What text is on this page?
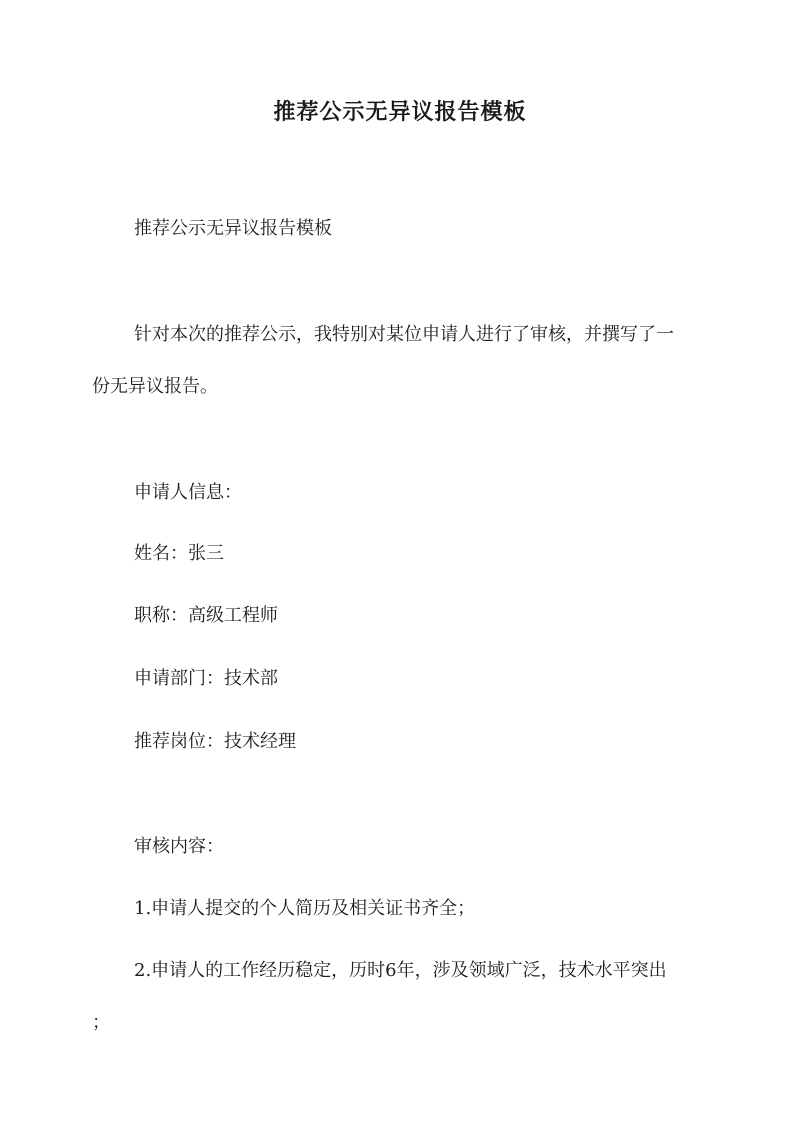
推荐公示无异议报告模板
推荐公示无异议报告模板
针对本次的推荐公示，我特别对某位申请人进行了审核，并撰写了一
份无异议报告。
申请人信息：
姓名：张三
职称：高级工程师
申请部门：技术部
推荐岗位：技术经理
审核内容：
1.申请人提交的个人简历及相关证书齐全；
2.申请人的工作经历稳定，历时6年，涉及领域广泛，技术水平突出
；
